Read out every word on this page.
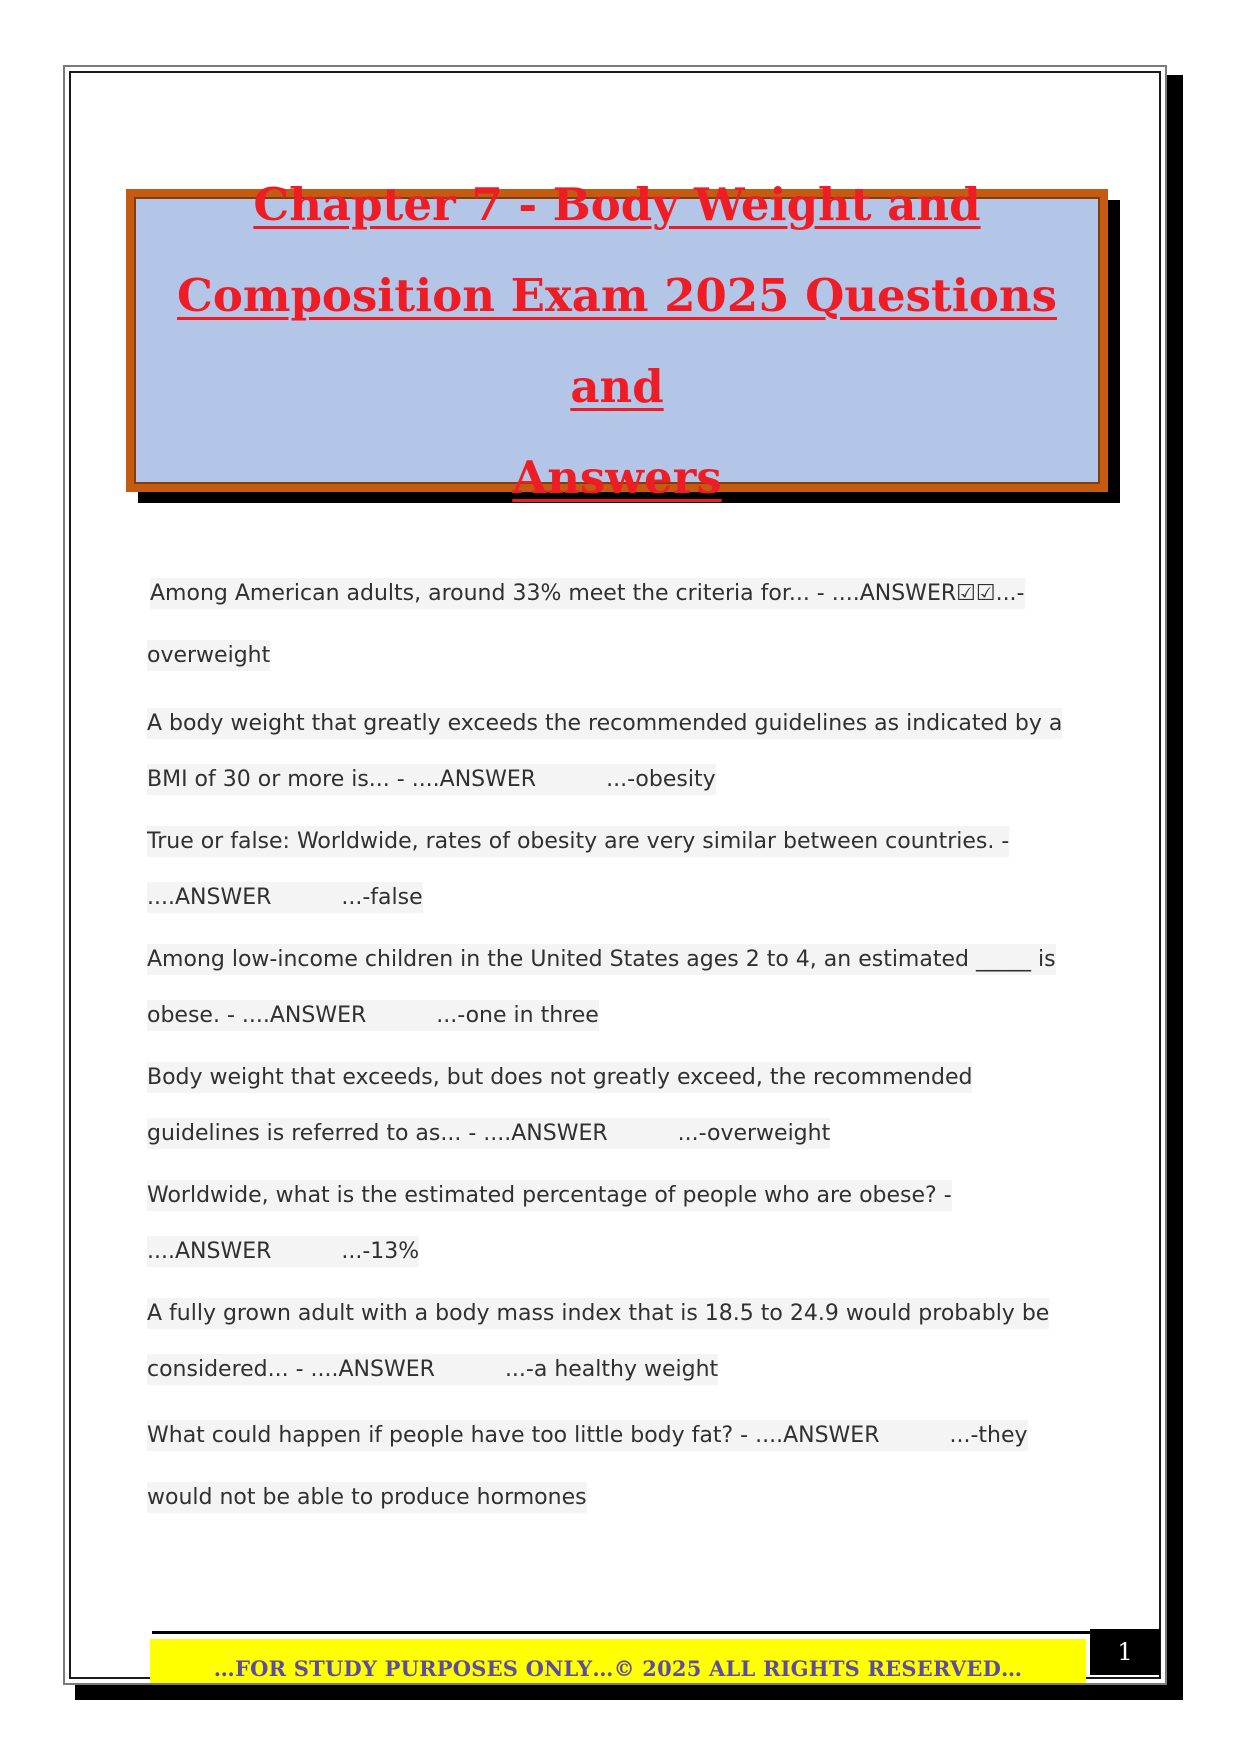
Chapter 7 - Body Weight and
Composition Exam 2025 Questions and
Answers
Among American adults, around 33% meet the criteria for... - ....ANSWER☑☑...-
overweight
A body weight that greatly exceeds the recommended guidelines as indicated by a
BMI of 30 or more is... - ....ANSWER	...-obesity
True or false: Worldwide, rates of obesity are very similar between countries. -
....ANSWER	...-false
Among low-income children in the United States ages 2 to 4, an estimated _____ is
obese. - ....ANSWER	...-one in three
Body weight that exceeds, but does not greatly exceed, the recommended
guidelines is referred to as... - ....ANSWER	...-overweight
Worldwide, what is the estimated percentage of people who are obese? -
....ANSWER	...-13%
A fully grown adult with a body mass index that is 18.5 to 24.9 would probably be
considered... - ....ANSWER	...-a healthy weight
What could happen if people have too little body fat? - ....ANSWER	...-they
would not be able to produce hormones
…FOR STUDY PURPOSES ONLY…© 2025 ALL RIGHTS RESERVED…
1
